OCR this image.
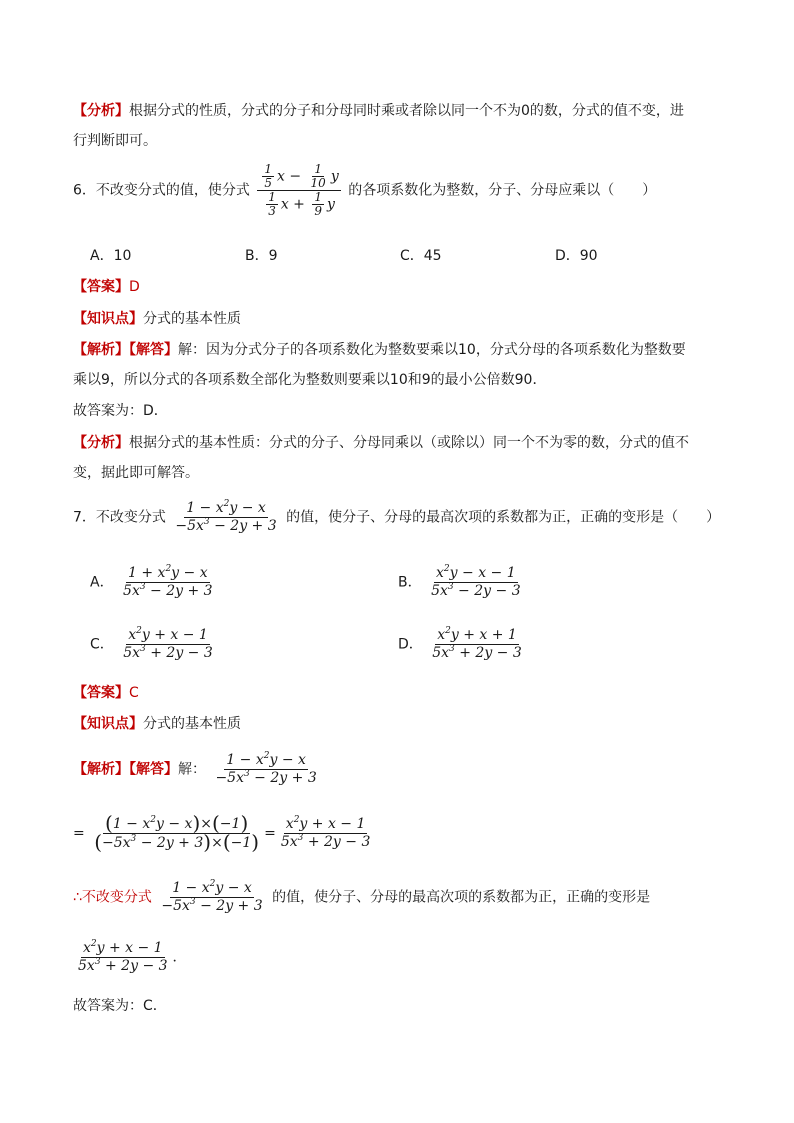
【分析】根据分式的性质，分式的分子和分母同时乘或者除以同一个不为0的数，分式的值不变，进
行判断即可。
6．不改变分式的值，使分式 $\frac{\frac{1}{5} x - \frac{1}{10} y}{\frac{1}{3} x + \frac{1}{9} y}$ 的各项系数化为整数，分子、分母应乘以（　　）
A．10	B．9	C．45	D．90
【答案】D
【知识点】分式的基本性质
【解析】【解答】解：因为分式分子的各项系数化为整数要乘以10，分式分母的各项系数化为整数要
乘以9，所以分式的各项系数全部化为整数则要乘以10和9的最小公倍数90．
故答案为：D．
【分析】根据分式的基本性质：分式的分子、分母同乘以（或除以）同一个不为零的数，分式的值不
变，据此即可解答。
7．不改变分式 $\frac{1 - x^2y - x}{-5x^3 - 2y + 3}$ 的值，使分子、分母的最高次项的系数都为正，正确的变形是（　　）
A． $\frac{1 + x^2y - x}{5x^3 - 2y + 3}$	B． $\frac{x^2y - x - 1}{5x^3 - 2y - 3}$
C． $\frac{x^2y + x - 1}{5x^3 + 2y - 3}$	D． $\frac{x^2y + x + 1}{5x^3 + 2y - 3}$
【答案】C
【知识点】分式的基本性质
【解析】【解答】解： $\frac{1 - x^2y - x}{-5x^3 - 2y + 3}$
= $\frac{(1 - x^2y - x)\times(-1)}{(-5x^3 - 2y + 3)\times(-1)} = \frac{x^2y + x - 1}{5x^3 + 2y - 3}$
∴不改变分式 $\frac{1 - x^2y - x}{-5x^3 - 2y + 3}$ 的值，使分子、分母的最高次项的系数都为正，正确的变形是
$\frac{x^2y + x - 1}{5x^3 + 2y - 3}$ ．
故答案为：C．
